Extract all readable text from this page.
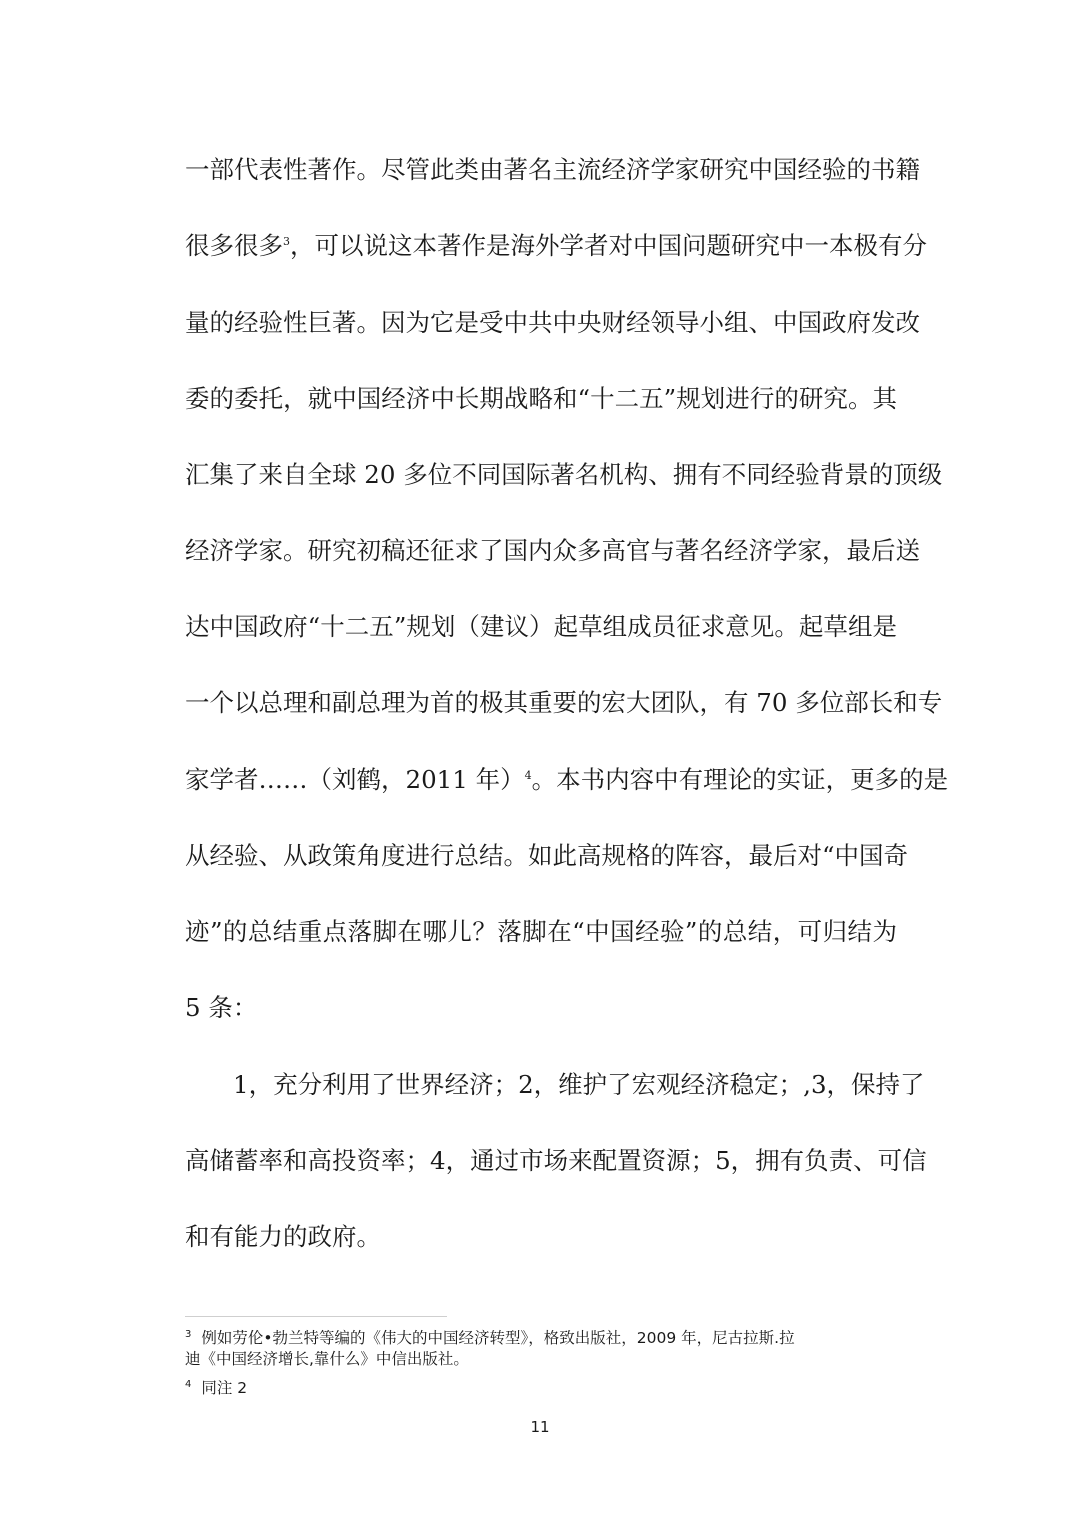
一部代表性著作。尽管此类由著名主流经济学家研究中国经验的书籍
很多很多$^3$，可以说这本著作是海外学者对中国问题研究中一本极有分
量的经验性巨著。因为它是受中共中央财经领导小组、中国政府发改
委的委托，就中国经济中长期战略和“十二五”规划进行的研究。其
汇集了来自全球 20 多位不同国际著名机构、拥有不同经验背景的顶级
经济学家。研究初稿还征求了国内众多高官与著名经济学家，最后送
达中国政府“十二五”规划（建议）起草组成员征求意见。起草组是
一个以总理和副总理为首的极其重要的宏大团队，有 70 多位部长和专
家学者……（刘鹤，2011 年）$^4$。本书内容中有理论的实证，更多的是
从经验、从政策角度进行总结。如此高规格的阵容，最后对“中国奇
迹”的总结重点落脚在哪儿？落脚在“中国经验”的总结，可归结为
5 条：
1，充分利用了世界经济；2，维护了宏观经济稳定；,3，保持了
高储蓄率和高投资率；4，通过市场来配置资源；5，拥有负责、可信
和有能力的政府。
$^3$ 例如劳伦•勃兰特等编的《伟大的中国经济转型》，格致出版社，2009 年，尼古拉斯.拉
迪《中国经济增长,靠什么》中信出版社。
$^4$ 同注 2
11
